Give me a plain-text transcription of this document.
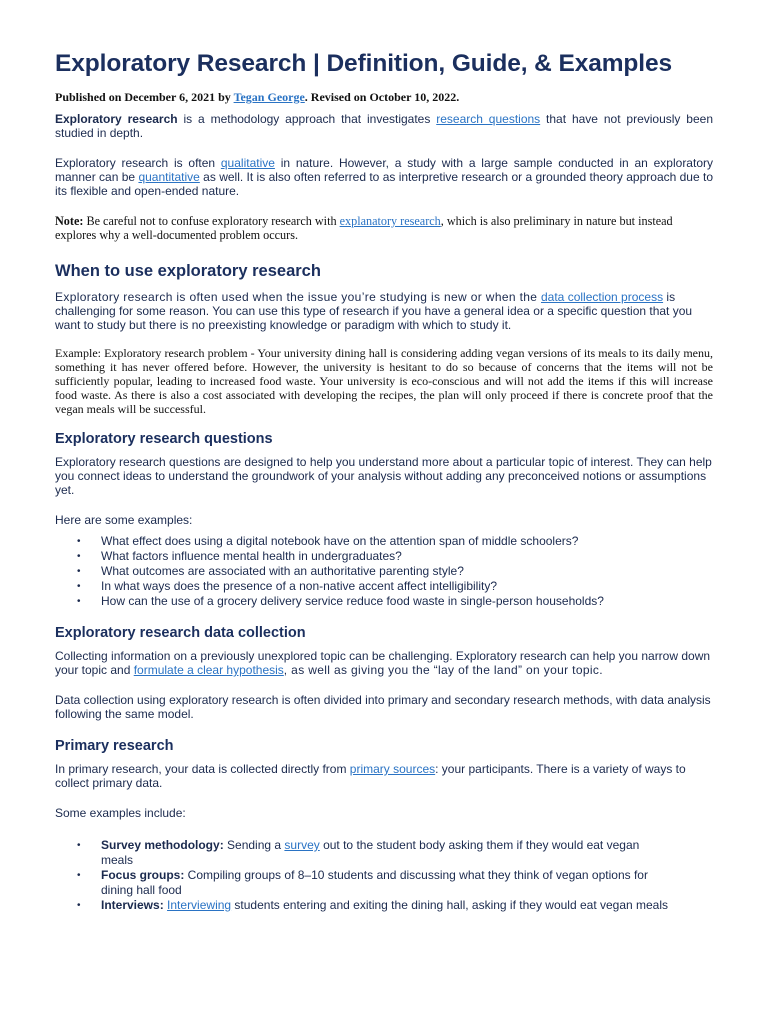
Exploratory Research | Definition, Guide, & Examples

Published on December 6, 2021 by Tegan George. Revised on October 10, 2022.

Exploratory research is a methodology approach that investigates research questions that have not previously been studied in depth.

Exploratory research is often qualitative in nature. However, a study with a large sample conducted in an exploratory manner can be quantitative as well. It is also often referred to as interpretive research or a grounded theory approach due to its flexible and open-ended nature.

Note: Be careful not to confuse exploratory research with explanatory research, which is also preliminary in nature but instead explores why a well-documented problem occurs.

When to use exploratory research

Exploratory research is often used when the issue you’re studying is new or when the data collection process is challenging for some reason. You can use this type of research if you have a general idea or a specific question that you want to study but there is no preexisting knowledge or paradigm with which to study it.

Example: Exploratory research problem - Your university dining hall is considering adding vegan versions of its meals to its daily menu, something it has never offered before. However, the university is hesitant to do so because of concerns that the items will not be sufficiently popular, leading to increased food waste. Your university is eco-conscious and will not add the items if this will increase food waste. As there is also a cost associated with developing the recipes, the plan will only proceed if there is concrete proof that the vegan meals will be successful.

Exploratory research questions

Exploratory research questions are designed to help you understand more about a particular topic of interest. They can help you connect ideas to understand the groundwork of your analysis without adding any preconceived notions or assumptions yet.

Here are some examples:

• What effect does using a digital notebook have on the attention span of middle schoolers?
• What factors influence mental health in undergraduates?
• What outcomes are associated with an authoritative parenting style?
• In what ways does the presence of a non-native accent affect intelligibility?
• How can the use of a grocery delivery service reduce food waste in single-person households?
Exploratory research data collection

Collecting information on a previously unexplored topic can be challenging. Exploratory research can help you narrow down your topic and formulate a clear hypothesis, as well as giving you the “lay of the land” on your topic.

Data collection using exploratory research is often divided into primary and secondary research methods, with data analysis following the same model.

Primary research

In primary research, your data is collected directly from primary sources: your participants. There is a variety of ways to collect primary data.

Some examples include:

• Survey methodology: Sending a survey out to the student body asking them if they would eat vegan meals
• Focus groups: Compiling groups of 8–10 students and discussing what they think of vegan options for dining hall food
• Interviews: Interviewing students entering and exiting the dining hall, asking if they would eat vegan meals
